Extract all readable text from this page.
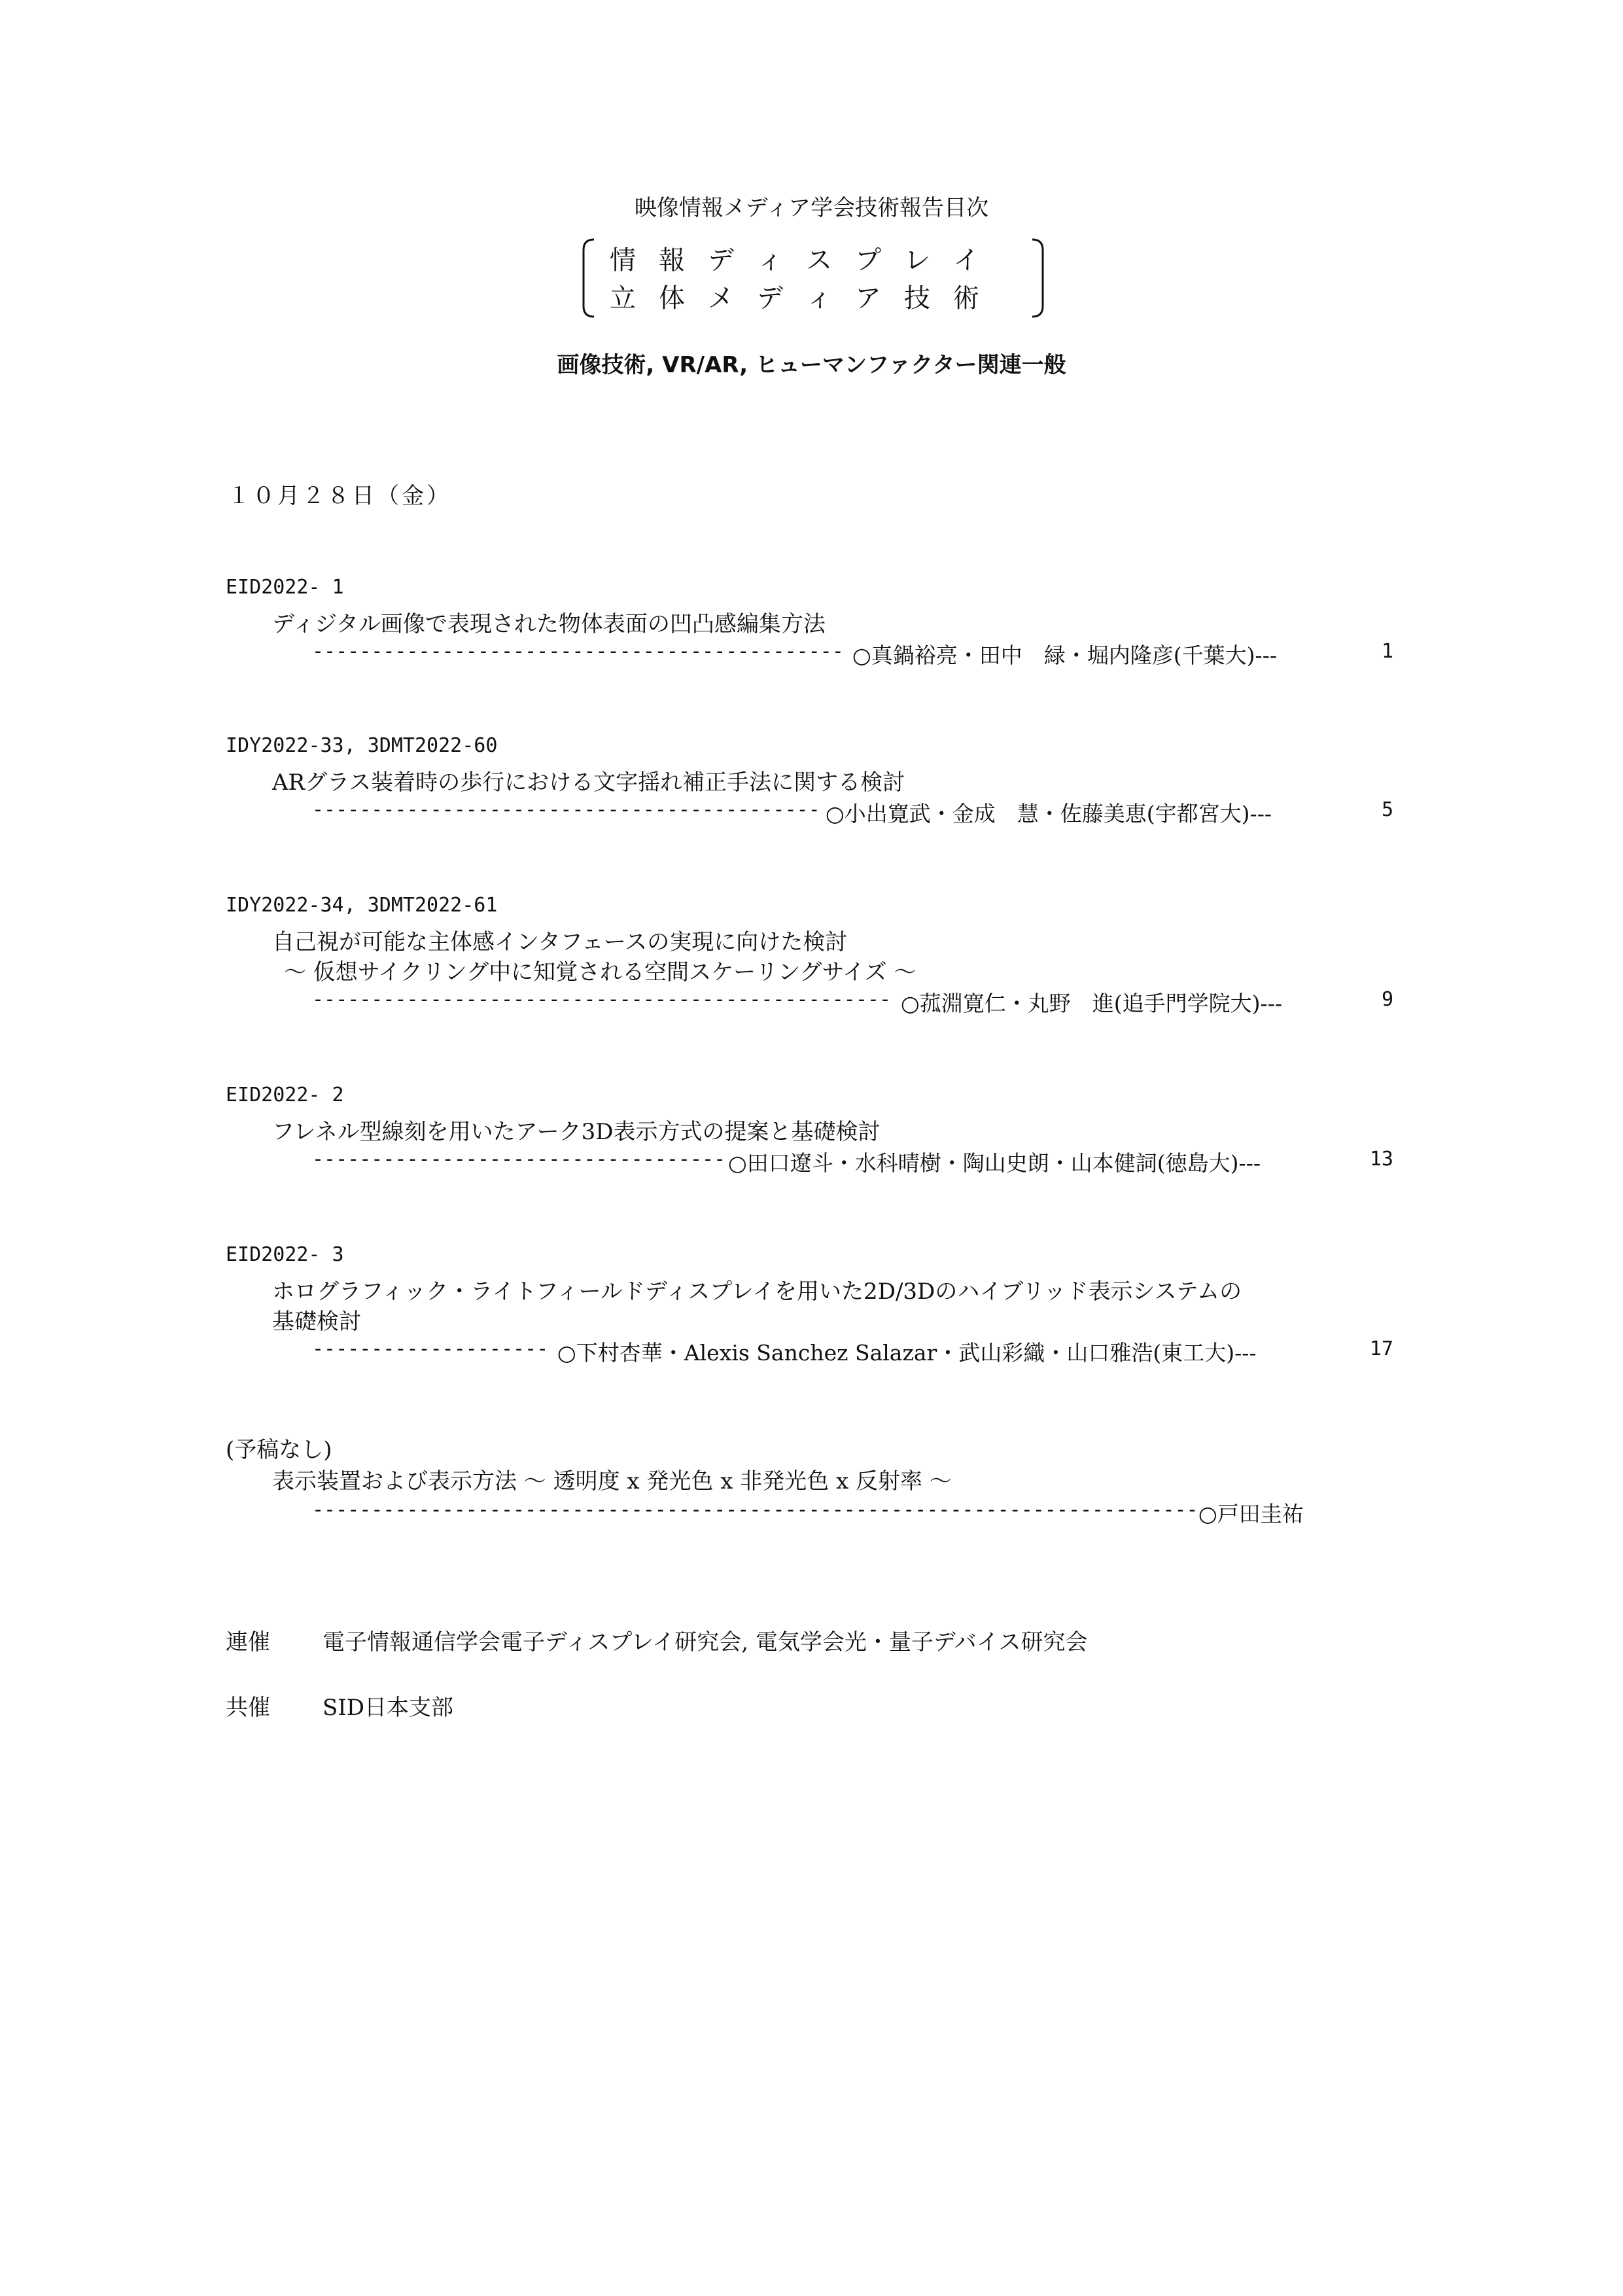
映像情報メディア学会技術報告目次
情 報 デ ィ ス プ レ イ
立 体 メ デ ィ ア 技 術
画像技術, VR/AR, ヒューマンファクター関連一般
１０月２８日（金）
EID2022- 1
ディジタル画像で表現された物体表面の凹凸感編集方法
--------------------------------------------- ○真鍋裕亮・田中　緑・堀内隆彦(千葉大)---	1
IDY2022-33, 3DMT2022-60
ARグラス装着時の歩行における文字揺れ補正手法に関する検討
------------------------------------------- ○小出寛武・金成　慧・佐藤美恵(宇都宮大)---	5
IDY2022-34, 3DMT2022-61
自己視が可能な主体感インタフェースの実現に向けた検討
～ 仮想サイクリング中に知覚される空間スケーリングサイズ ～
------------------------------------------------- ○菰淵寛仁・丸野　進(追手門学院大)---	9
EID2022- 2
フレネル型線刻を用いたアーク3D表示方式の提案と基礎検討
----------------------------------- ○田口遼斗・水科晴樹・陶山史朗・山本健詞(徳島大)---	13
EID2022- 3
ホログラフィック・ライトフィールドディスプレイを用いた2D/3Dのハイブリッド表示システムの
基礎検討
-------------------- ○下村杏華・Alexis Sanchez Salazar・武山彩織・山口雅浩(東工大)---	17
(予稿なし)
表示装置および表示方法 ～ 透明度 x 発光色 x 非発光色 x 反射率 ～
--------------------------------------------------------------------------- ○戸田圭祐
連催 電子情報通信学会電子ディスプレイ研究会, 電気学会光・量子デバイス研究会
共催 SID日本支部
